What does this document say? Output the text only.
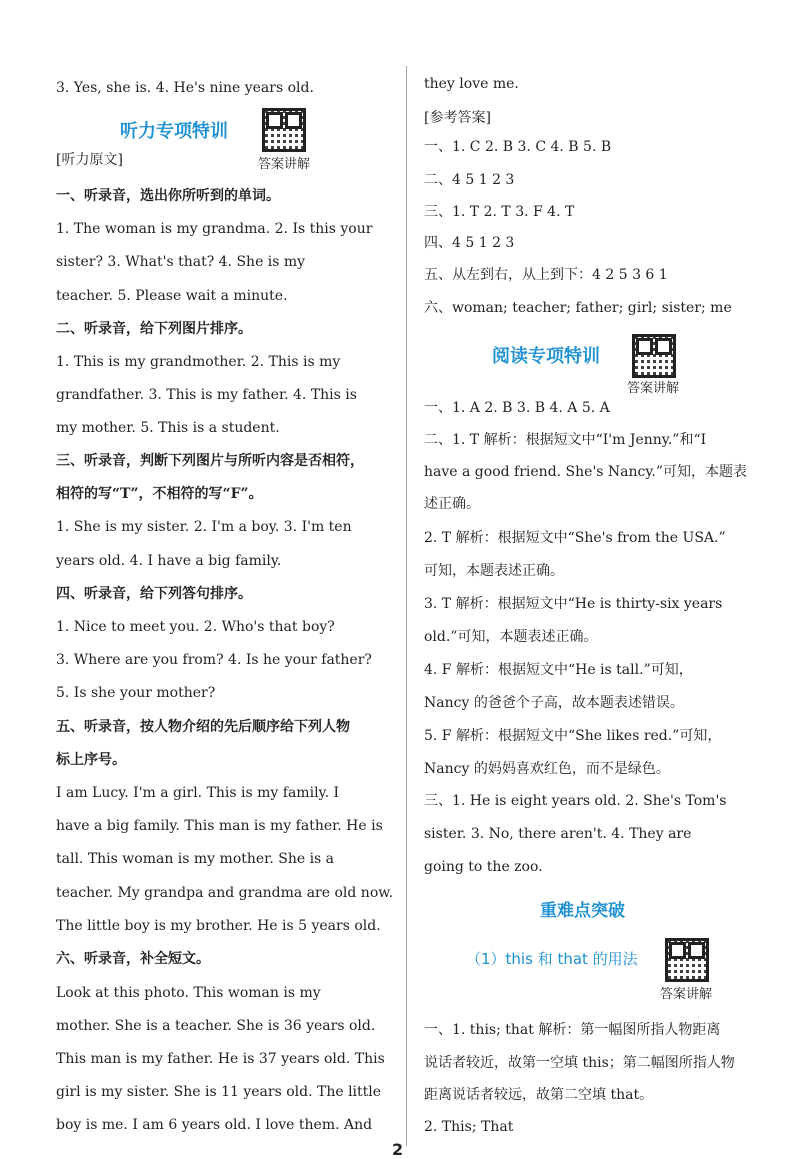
3. Yes, she is. 4. He's nine years old.
[听力原文]
一、听录音，选出你所听到的单词。
1. The woman is my grandma. 2. Is this your
sister? 3. What's that? 4. She is my
teacher. 5. Please wait a minute.
二、听录音，给下列图片排序。
1. This is my grandmother. 2. This is my
grandfather. 3. This is my father. 4. This is
my mother. 5. This is a student.
三、听录音，判断下列图片与所听内容是否相符，
相符的写“T”，不相符的写“F”。
1. She is my sister. 2. I'm a boy. 3. I'm ten
years old. 4. I have a big family.
四、听录音，给下列答句排序。
1. Nice to meet you. 2. Who's that boy?
3. Where are you from? 4. Is he your father?
5. Is she your mother?
五、听录音，按人物介绍的先后顺序给下列人物
标上序号。
I am Lucy. I'm a girl. This is my family. I
have a big family. This man is my father. He is
tall. This woman is my mother. She is a
teacher. My grandpa and grandma are old now.
The little boy is my brother. He is 5 years old.
六、听录音，补全短文。
Look at this photo. This woman is my
mother. She is a teacher. She is 36 years old.
This man is my father. He is 37 years old. This
girl is my sister. She is 11 years old. The little
boy is me. I am 6 years old. I love them. And
they love me.
[参考答案]
一、1. C 2. B 3. C 4. B 5. B
二、4 5 1 2 3
三、1. T 2. T 3. F 4. T
四、4 5 1 2 3
五、从左到右，从上到下：4 2 5 3 6 1
六、woman; teacher; father; girl; sister; me
一、1. A 2. B 3. B 4. A 5. A
二、1. T 解析：根据短文中“I'm Jenny.”和“I
have a good friend. She's Nancy.”可知，本题表
述正确。
2. T 解析：根据短文中“She's from the USA.”
可知，本题表述正确。
3. T 解析：根据短文中“He is thirty-six years
old.”可知，本题表述正确。
4. F 解析：根据短文中“He is tall.”可知，
Nancy 的爸爸个子高，故本题表述错误。
5. F 解析：根据短文中“She likes red.”可知，
Nancy 的妈妈喜欢红色，而不是绿色。
三、1. He is eight years old. 2. She's Tom's
sister. 3. No, there aren't. 4. They are
going to the zoo.
一、1. this; that 解析：第一幅图所指人物距离
说话者较近，故第一空填 this；第二幅图所指人物
距离说话者较远，故第二空填 that。
2. This; That
听力专项特训
答案讲解
阅读专项特训
答案讲解
重难点突破
（1）this 和 that 的用法
答案讲解
2
